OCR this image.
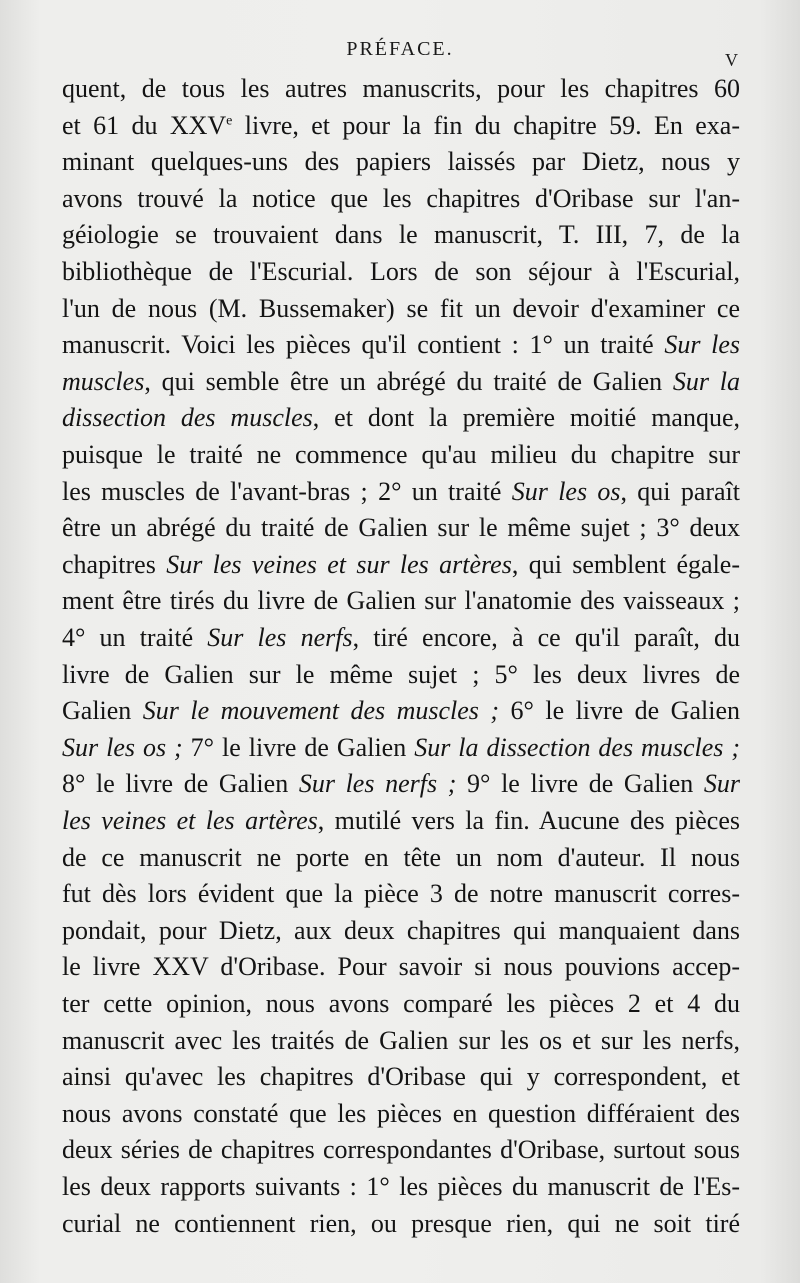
PRÉFACE.	V
quent, de tous les autres manuscrits, pour les chapitres 60
et 61 du XXVe livre, et pour la fin du chapitre 59. En exa-
minant quelques-uns des papiers laissés par Dietz, nous y
avons trouvé la notice que les chapitres d'Oribase sur l'an-
géiologie se trouvaient dans le manuscrit, T. III, 7, de la
bibliothèque de l'Escurial. Lors de son séjour à l'Escurial,
l'un de nous (M. Bussemaker) se fit un devoir d'examiner ce
manuscrit. Voici les pièces qu'il contient : 1° un traité Sur les
muscles, qui semble être un abrégé du traité de Galien Sur la
dissection des muscles, et dont la première moitié manque,
puisque le traité ne commence qu'au milieu du chapitre sur
les muscles de l'avant-bras ; 2° un traité Sur les os, qui paraît
être un abrégé du traité de Galien sur le même sujet ; 3° deux
chapitres Sur les veines et sur les artères, qui semblent égale-
ment être tirés du livre de Galien sur l'anatomie des vaisseaux ;
4° un traité Sur les nerfs, tiré encore, à ce qu'il paraît, du
livre de Galien sur le même sujet ; 5° les deux livres de
Galien Sur le mouvement des muscles ; 6° le livre de Galien
Sur les os ; 7° le livre de Galien Sur la dissection des muscles ;
8° le livre de Galien Sur les nerfs ; 9° le livre de Galien Sur
les veines et les artères, mutilé vers la fin. Aucune des pièces
de ce manuscrit ne porte en tête un nom d'auteur. Il nous
fut dès lors évident que la pièce 3 de notre manuscrit corres-
pondait, pour Dietz, aux deux chapitres qui manquaient dans
le livre XXV d'Oribase. Pour savoir si nous pouvions accep-
ter cette opinion, nous avons comparé les pièces 2 et 4 du
manuscrit avec les traités de Galien sur les os et sur les nerfs,
ainsi qu'avec les chapitres d'Oribase qui y correspondent, et
nous avons constaté que les pièces en question différaient des
deux séries de chapitres correspondantes d'Oribase, surtout sous
les deux rapports suivants : 1° les pièces du manuscrit de l'Es-
curial ne contiennent rien, ou presque rien, qui ne soit tiré
